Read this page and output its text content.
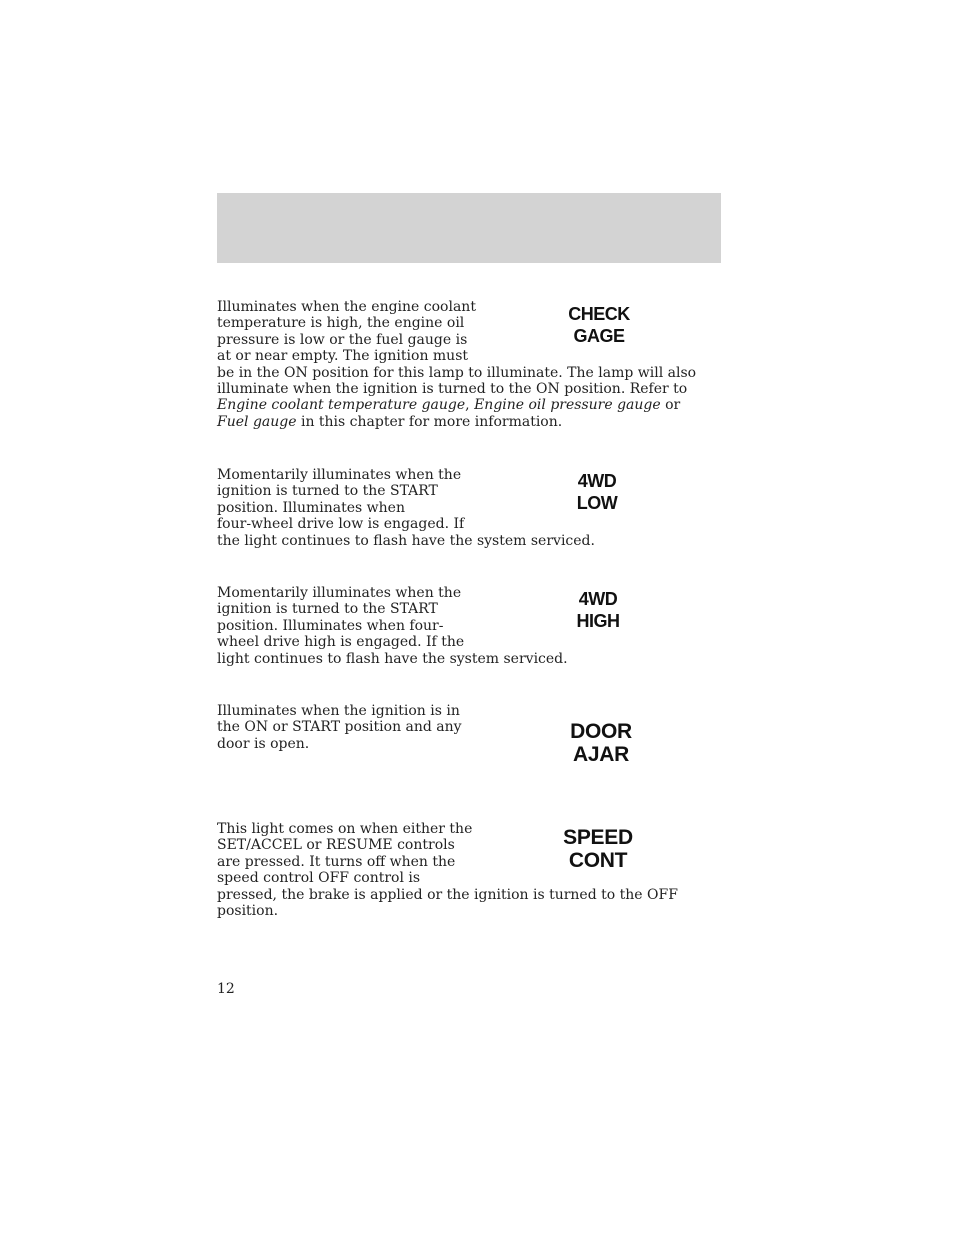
Illuminates when the engine coolant
temperature is high, the engine oil
pressure is low or the fuel gauge is
at or near empty. The ignition must
be in the ON position for this lamp to illuminate. The lamp will also
illuminate when the ignition is turned to the ON position. Refer to
Engine coolant temperature gauge, Engine oil pressure gauge or
Fuel gauge in this chapter for more information.
CHECK
GAGE
Momentarily illuminates when the
ignition is turned to the START
position. Illuminates when
four-wheel drive low is engaged. If
the light continues to flash have the system serviced.
4WD
LOW
Momentarily illuminates when the
ignition is turned to the START
position. Illuminates when four-
wheel drive high is engaged. If the
light continues to flash have the system serviced.
4WD
HIGH
Illuminates when the ignition is in
the ON or START position and any
door is open.
DOOR
AJAR
This light comes on when either the
SET/ACCEL or RESUME controls
are pressed. It turns off when the
speed control OFF control is
pressed, the brake is applied or the ignition is turned to the OFF
position.
SPEED
CONT
12
